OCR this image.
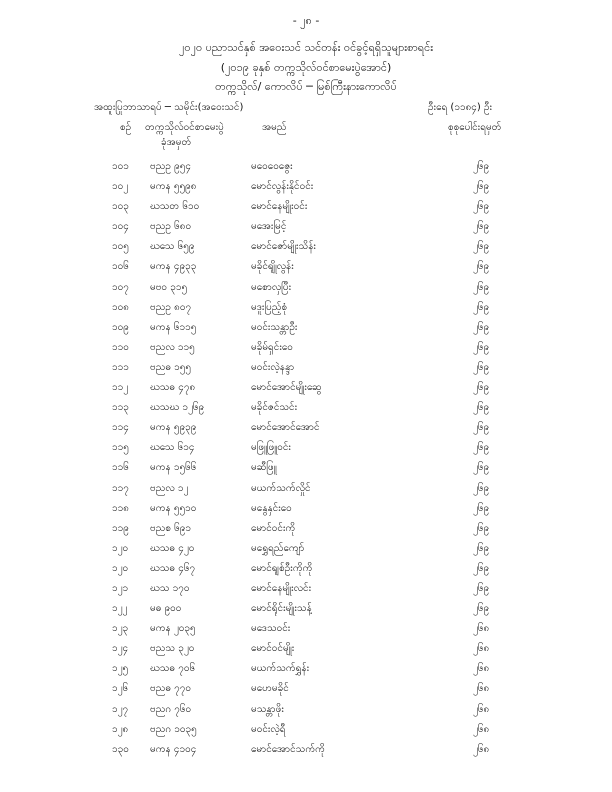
- ၂၈ -
၂၀၂၀ ပညာသင်နှစ် အဝေးသင် သင်တန်း ဝင်ခွင့်ရရှိသူများစာရင်း
(၂၀၁၉ ခုနှစ် တက္ကသိုလ်ဝင်စာမေးပွဲအောင်)
တက္ကသိုလ်/ ကောလိပ် ─ မြစ်ကြီးနားကောလိပ်
အထူးပြုဘာသာရပ် ─ သမိုင်း(အဝေးသင်)	ဦးရေ (၁၁၈၄) ဦး
စဉ် တက္ကသိုလ်ဝင်စာမေးပွဲ
ခုံအမှတ်
အမည်	စုစုပေါင်းရမှတ်
၁၀၁ ဗညဥ ၉၅၄	မဝေဝေဇွေး	၂၆၉
၁၀၂ မကန ၅၅၉၈	မောင်လွန်းနိုင်ဝင်း	၂၆၉
၁၀၃ ဃသတ ၆၁၀	မောင်နေမျိုးဝင်း	၂၆၉
၁၀၄ ဗညဥ ၆၈၀	မအေးမြင့်	၂၆၉
၁၀၅ ဃသေ ၆၅၉	မောင်ဇော်မျိုးသိန်း	၂၆၉
၁၀၆ မကန ၄၉၃၃	မခိုင်ရျိုလွန်း	၂၆၉
၁၀၇ မဗဝ ၃၁၅	မစောလှပြီး	၂၆၉
၁၀၈ ဗညဥ ၈၀၇	မဒူးပြည့်စုံ	၂၆၉
၁၀၉ မကန ၆၁၁၅	မဝင်းသန္တာဦး	၂၆၉
၁၁၀ ဗညလ ၁၁၅	မခိုမ်ရှင်းဝေ	၂၆၉
၁၁၁ ဗညဓ ၁၅၅	မဝင်းလဲ့နန္ဒာ	၂၆၉
၁၁၂ ဃသဓ ၄၇၈	မောင်အောင်မျိုးဆွေ	၂၆၉
၁၁၃ ဃသဃ ၁၂၆၉	မခိုင်ဇင်သင်း	၂၆၉
၁၁၄ မကန ၅၉၃၉	မောင်အောင်အောင်	၂၆၉
၁၁၅ ဃသေ ၆၁၄	မဖြူဖြူဝင်း	၂၆၉
၁၁၆ မကန ၁၅၆၆	မဆီဖြူ	၂၆၉
၁၁၇ ဗညလ ၁၂	မယက်သက်လှိုင်	၂၆၉
၁၁၈ မကန ၅၅၁၀	မနွေနှင်းဝေ	၂၆၉
၁၁၉ ဗညစ ၆၉၁	မောင်ဝင်းကို	၂၆၉
၁၂၀ ဃသဓ ၄၂၀	မရွှေရည်ကျော်	၂၆၉
၁၂၀ ဃသဓ ၄၆၇	မောင်ရျစ်ဦးကိုကို	၂၆၉
၁၂၁ ဃသ ၁၇၀	မောင်နေမျိုးလင်း	၂၆၉
၁၂၂ မဓ ၉၀၀	မောင်ရိုင်းမျိုးသန့်	၂၆၉
၁၂၃ မကန ၂၀၃၅	မဒေသဝင်း	၂၆၈
၁၂၄ ဗညသ ၃၂၀	မောင်ဝင်မျိုး	၂၆၈
၁၂၅ ဃသဓ ၇၀၆	မယက်သက်ရွှန်း	၂၆၈
၁၂၆ ဗညဓ ၇၇၀	မဟေမခိုင်	၂၆၈
၁၂၇ ဗညဂ ၇၆၀	မသန္တာဖိုး	၂၆၈
၁၂၈ ဗညဂ ၁၀၃၅	မဝင်းလဲ့ရီ	၂၆၈
၁၃၀ မကန ၄၁၀၄	မောင်အောင်သက်ကို	၂၆၈
